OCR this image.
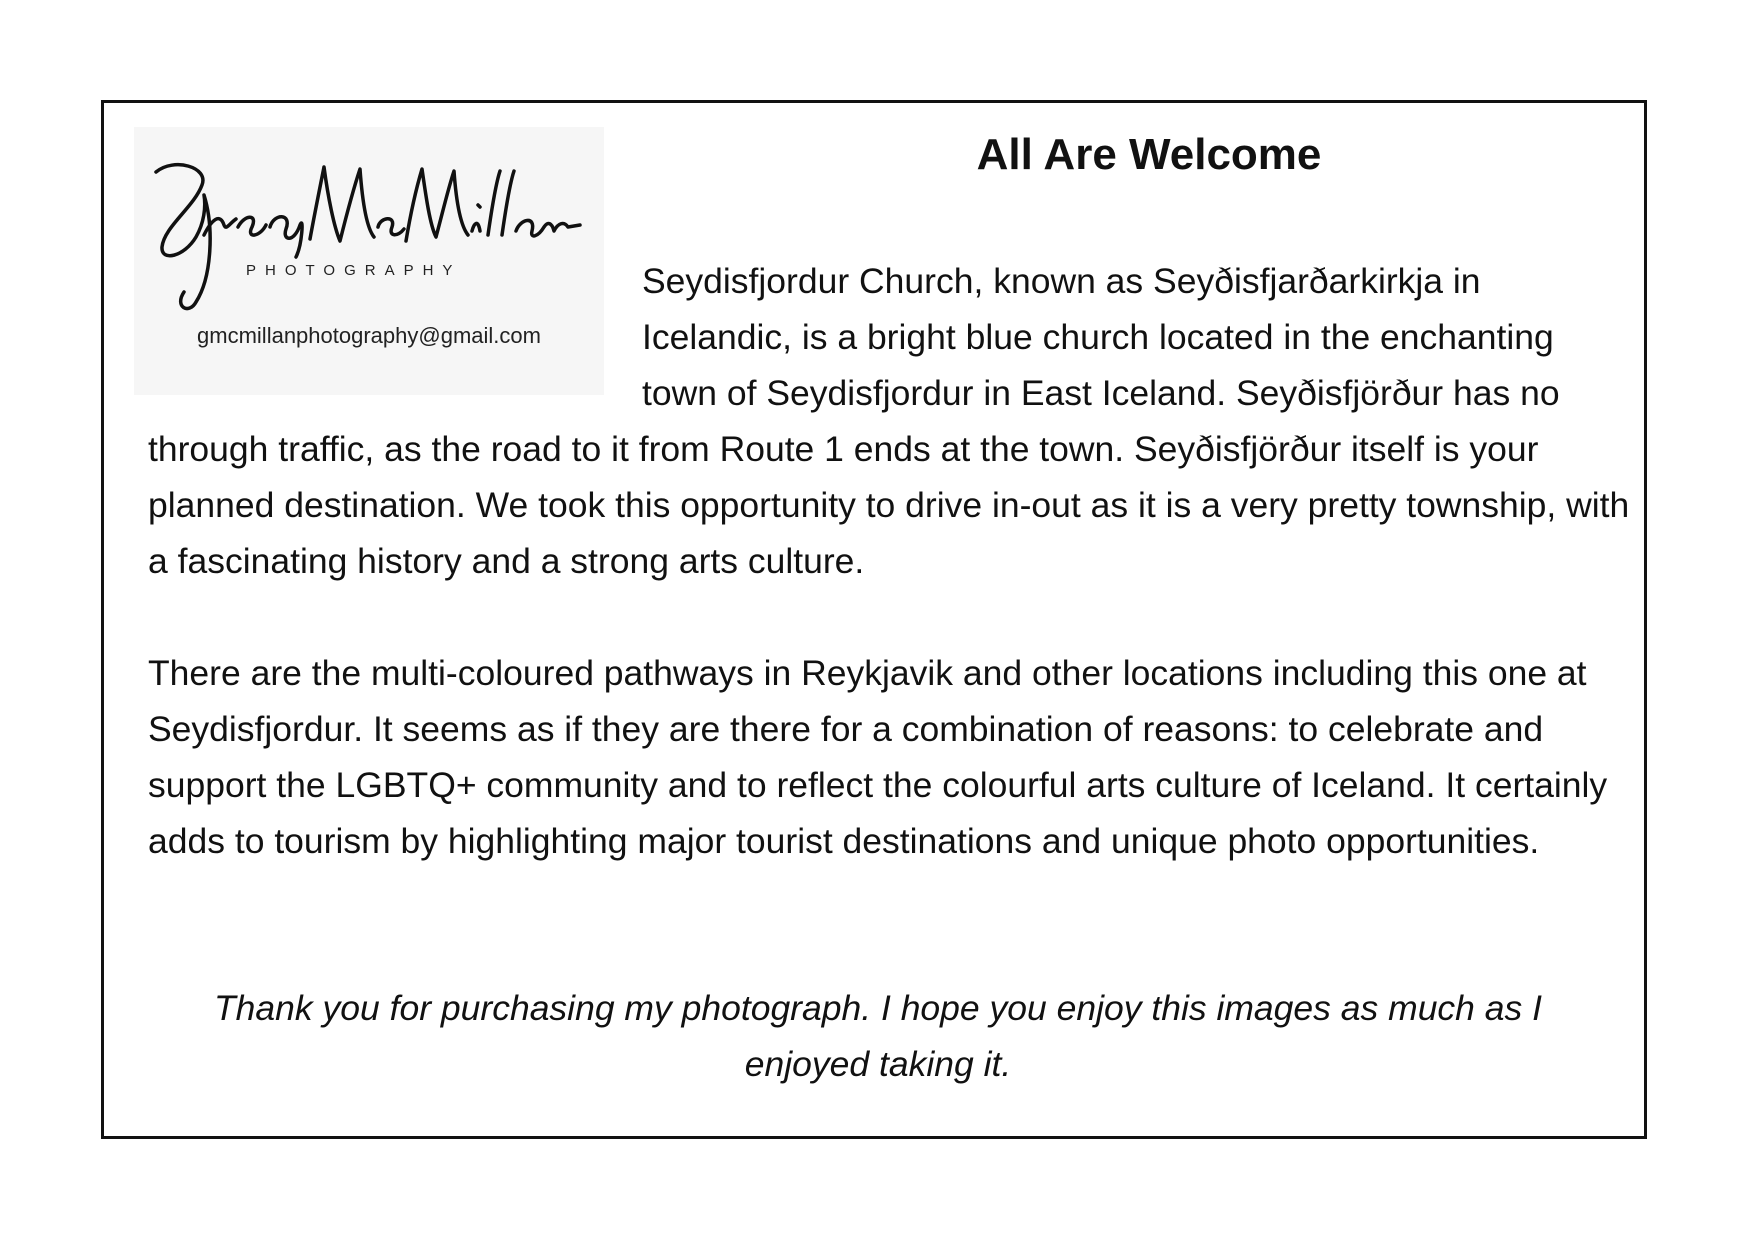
PHOTOGRAPHY
gmcmillanphotography@gmail.com
All Are Welcome

Seydisfjordur Church, known as Seyðisfjarðarkirkja in Icelandic, is a bright blue church located in the enchanting town of Seydisfjordur in East Iceland. Seyðisfjörður has no through traffic, as the road to it from Route 1 ends at the town. Seyðisfjörður itself is your planned destination. We took this opportunity to drive in-out as it is a very pretty township, with a fascinating history and a strong arts culture.

There are the multi-coloured pathways in Reykjavik and other locations including this one at Seydisfjordur. It seems as if they are there for a combination of reasons: to celebrate and support the LGBTQ+ community and to reflect the colourful arts culture of Iceland. It certainly adds to tourism by highlighting major tourist destinations and unique photo opportunities.

Thank you for purchasing my photograph. I hope you enjoy this images as much as I enjoyed taking it.
